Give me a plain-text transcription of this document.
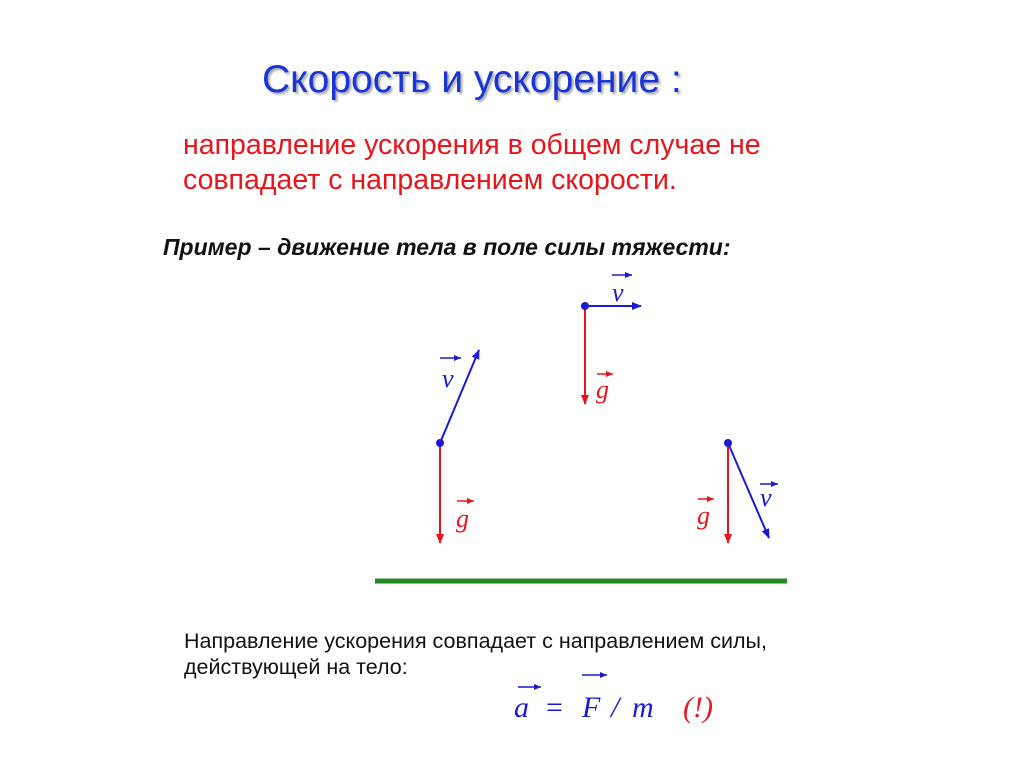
Скорость и ускорение :
направление ускорения в общем случае не
совпадает с направлением скорости.
Пример – движение тела в поле силы тяжести:
v
g
v
g
v
g
a = F / m (!)
Направление ускорения совпадает с направлением силы,
действующей на тело:
